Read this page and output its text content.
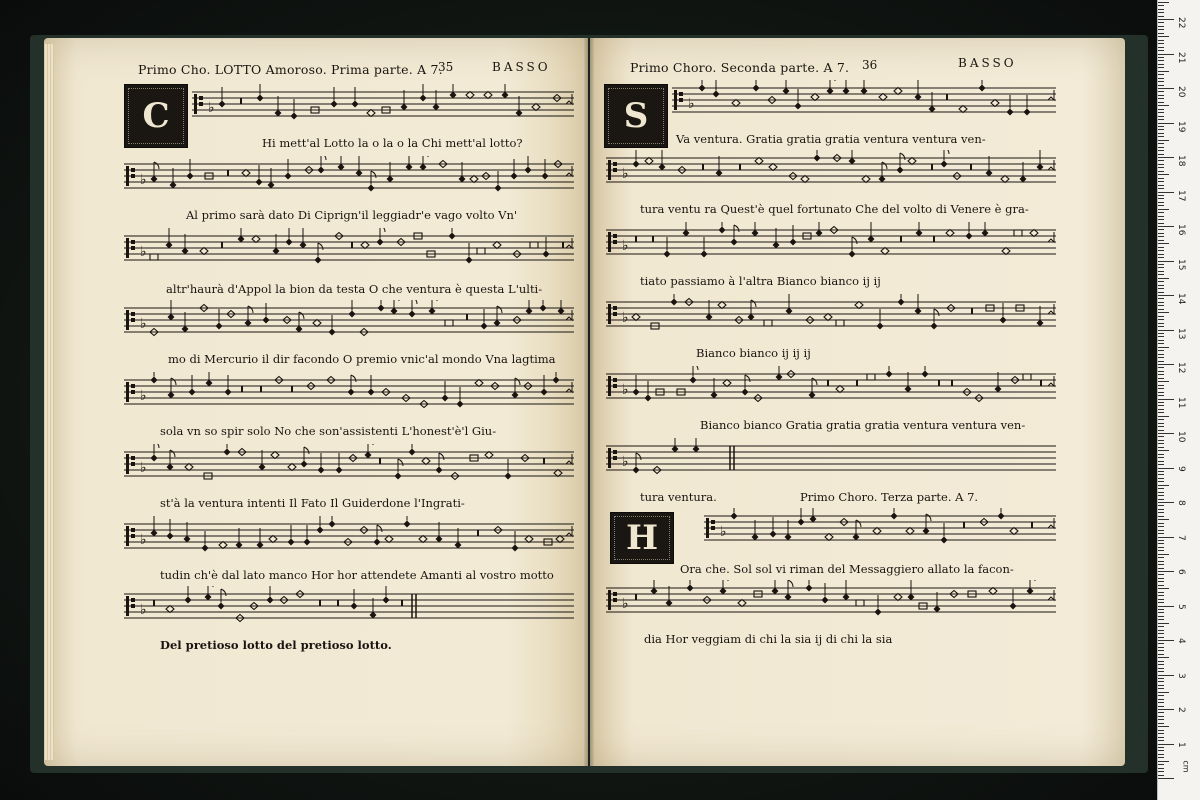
Primo Cho. LOTTO Amoroso. Prima parte. A 7.
35	BASSO
C	♭
Hi mett'al Lotto la o la o la Chi mett'al lotto?
♭
Al primo sarà dato Di Ciprign'il leggiadr'e vago volto Vn'
♭
altr'haurà d'Appol la bion da testa O che ventura è questa L'ulti-
♭
mo di Mercurio il dir facondo O premio vnic'al mondo Vna lagtima
♭
sola vn so spir solo No che son'assistenti L'honest'è'l Giu-
♭
st'à la ventura intenti Il Fato Il Guiderdone l'Ingrati-
♭
tudin ch'è dal lato manco Hor hor attendete Amanti al vostro motto
♭
Del pretioso lotto del pretioso lotto.
Primo Choro. Seconda parte. A 7. 36	BASSO
S	♭
Va ventura. Gratia gratia gratia ventura ventura ven-
♭
tura ventu ra Quest'è quel fortunato Che del volto di Venere è gra-
♭
tiato passiamo à l'altra Bianco bianco ij ij
♭
Bianco bianco ij ij ij
♭
Bianco bianco Gratia gratia gratia ventura ventura ven-
♭
tura ventura.	Primo Choro. Terza parte. A 7.
H	♭
Ora che. Sol sol vi riman del Messaggiero allato la facon-
♭
dia Hor veggiam di chi la sia ij di chi la sia
22
21
20
19
18
17
16
15
14
13
12
11
10
9
8
7
6
5
4
3
2
1
cm
